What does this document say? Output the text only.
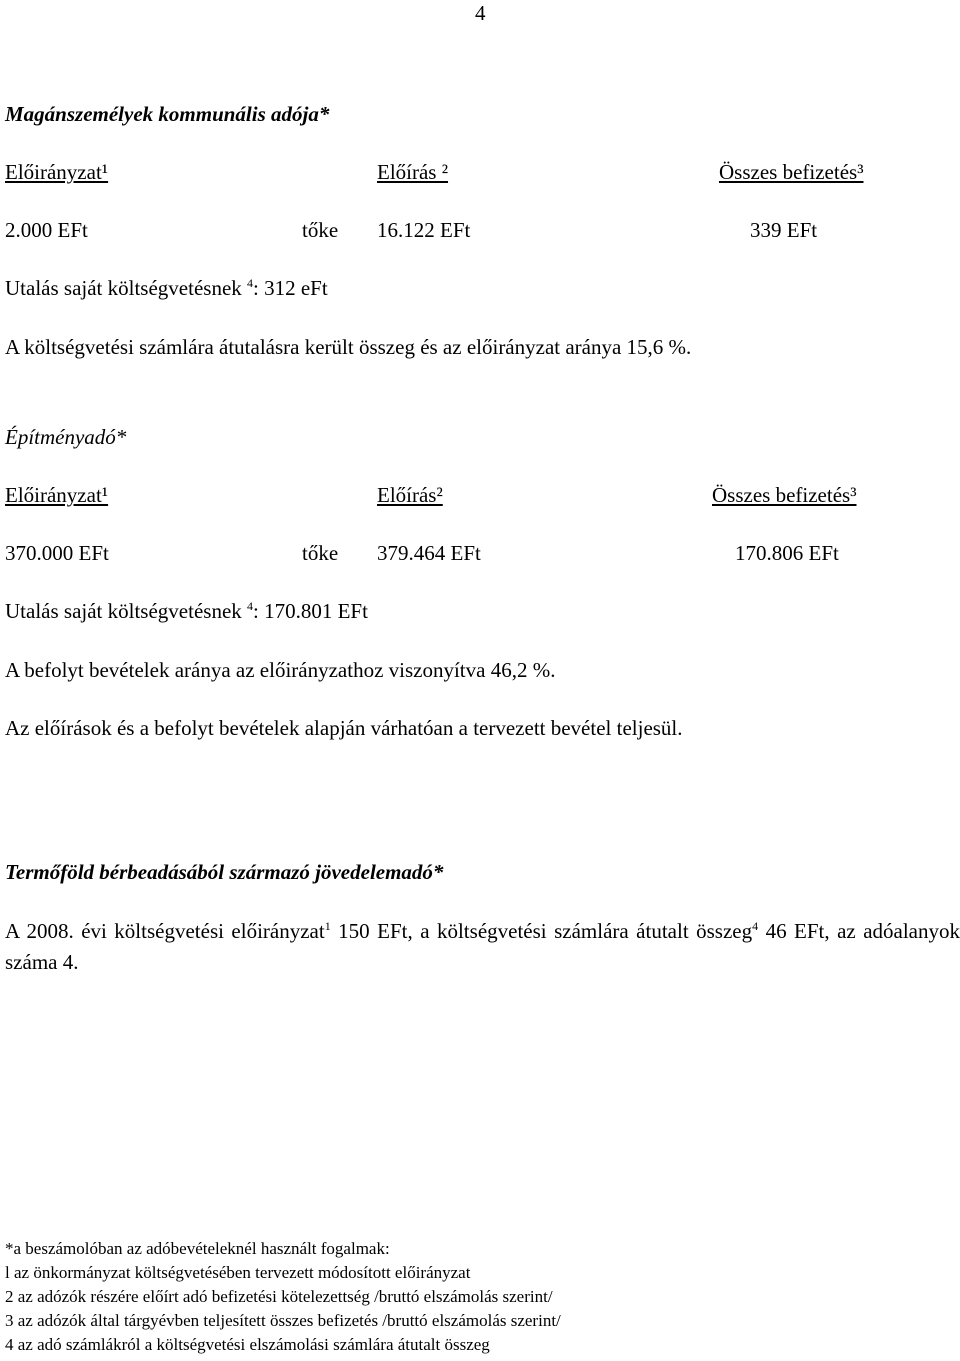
4
Magánszemélyek kommunális adója*
Előirányzat¹	Előírás ²	Összes befizetés³
2.000 EFt	tőke 16.122 EFt	339 EFt
Utalás saját költségvetésnek $^4$: 312 eFt
A költségvetési számlára átutalásra került összeg és az előirányzat aránya 15,6 %.
Építményadó*
Előirányzat¹	Előírás²	Összes befizetés³
370.000 EFt	tőke 379.464 EFt	170.806 EFt
Utalás saját költségvetésnek $^4$: 170.801 EFt
A befolyt bevételek aránya az előirányzathoz viszonyítva 46,2 %.
Az előírások és a befolyt bevételek alapján várhatóan a tervezett bevétel teljesül.
Termőföld bérbeadásából származó jövedelemadó*
A 2008. évi költségvetési előirányzat$^1$ 150 EFt, a költségvetési számlára átutalt összeg$^4$ 46 EFt, az adóalanyok száma 4.
*a beszámolóban az adóbevételeknél használt fogalmak:
l az önkormányzat költségvetésében tervezett módosított előirányzat
2 az adózók részére előírt adó befizetési kötelezettség /bruttó elszámolás szerint/
3 az adózók által tárgyévben teljesített összes befizetés /bruttó elszámolás szerint/
4 az adó számlákról a költségvetési elszámolási számlára átutalt összeg
